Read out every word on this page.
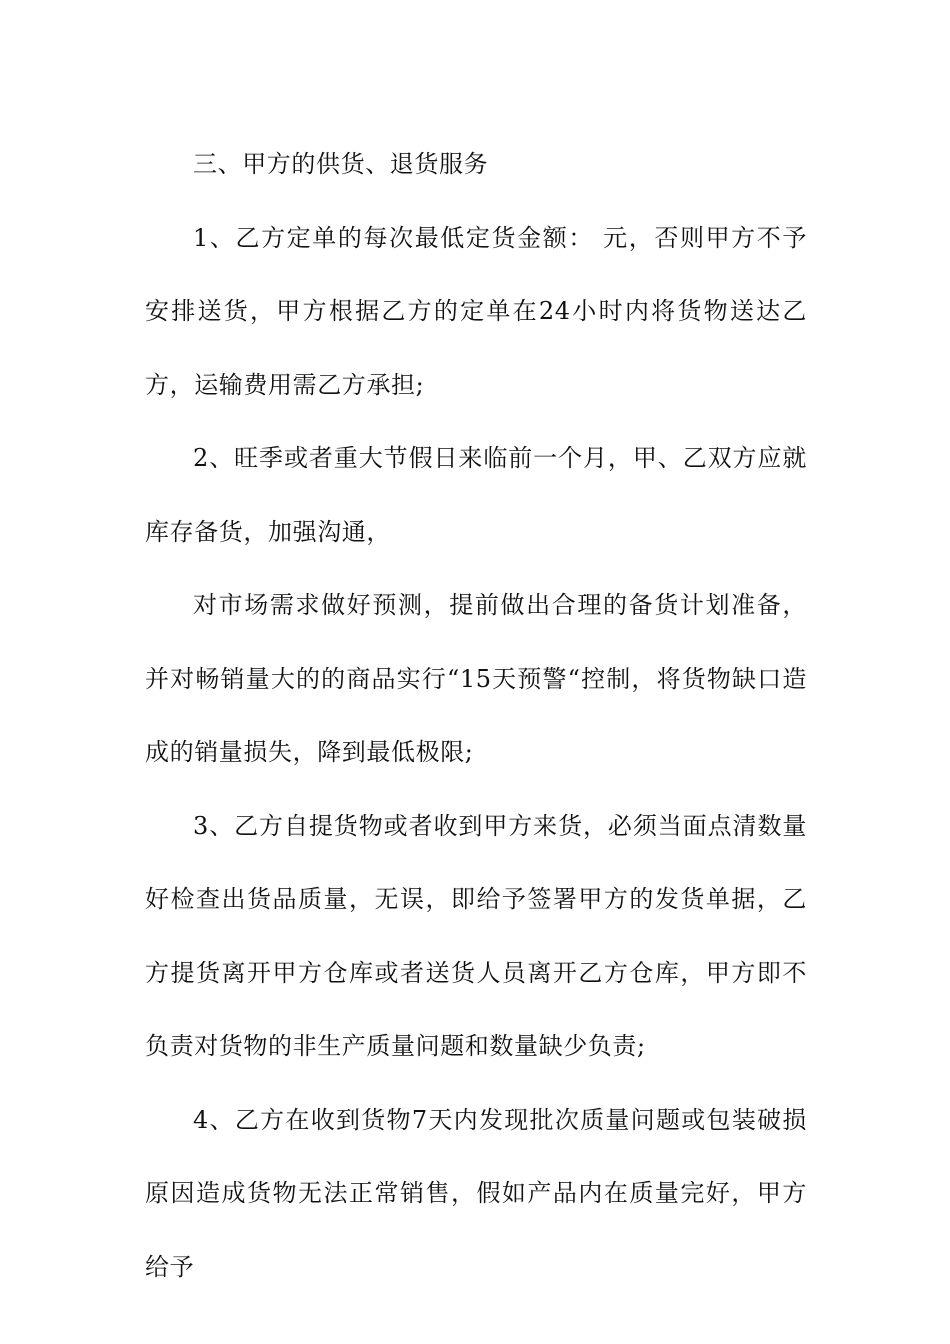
三、甲方的供货、退货服务

1、乙方定单的每次最低定货金额： 元，否则甲方不予安排送货，甲方根据乙方的定单在24小时内将货物送达乙方，运输费用需乙方承担;

2、旺季或者重大节假日来临前一个月，甲、乙双方应就库存备货，加强沟通，

对市场需求做好预测，提前做出合理的备货计划准备，并对畅销量大的的商品实行“15天预警“控制，将货物缺口造成的销量损失，降到最低极限;

3、乙方自提货物或者收到甲方来货，必须当面点清数量好检查出货品质量，无误，即给予签署甲方的发货单据，乙方提货离开甲方仓库或者送货人员离开乙方仓库，甲方即不负责对货物的非生产质量问题和数量缺少负责;

4、乙方在收到货物7天内发现批次质量问题或包装破损原因造成货物无法正常销售，假如产品内在质量完好，甲方给予
